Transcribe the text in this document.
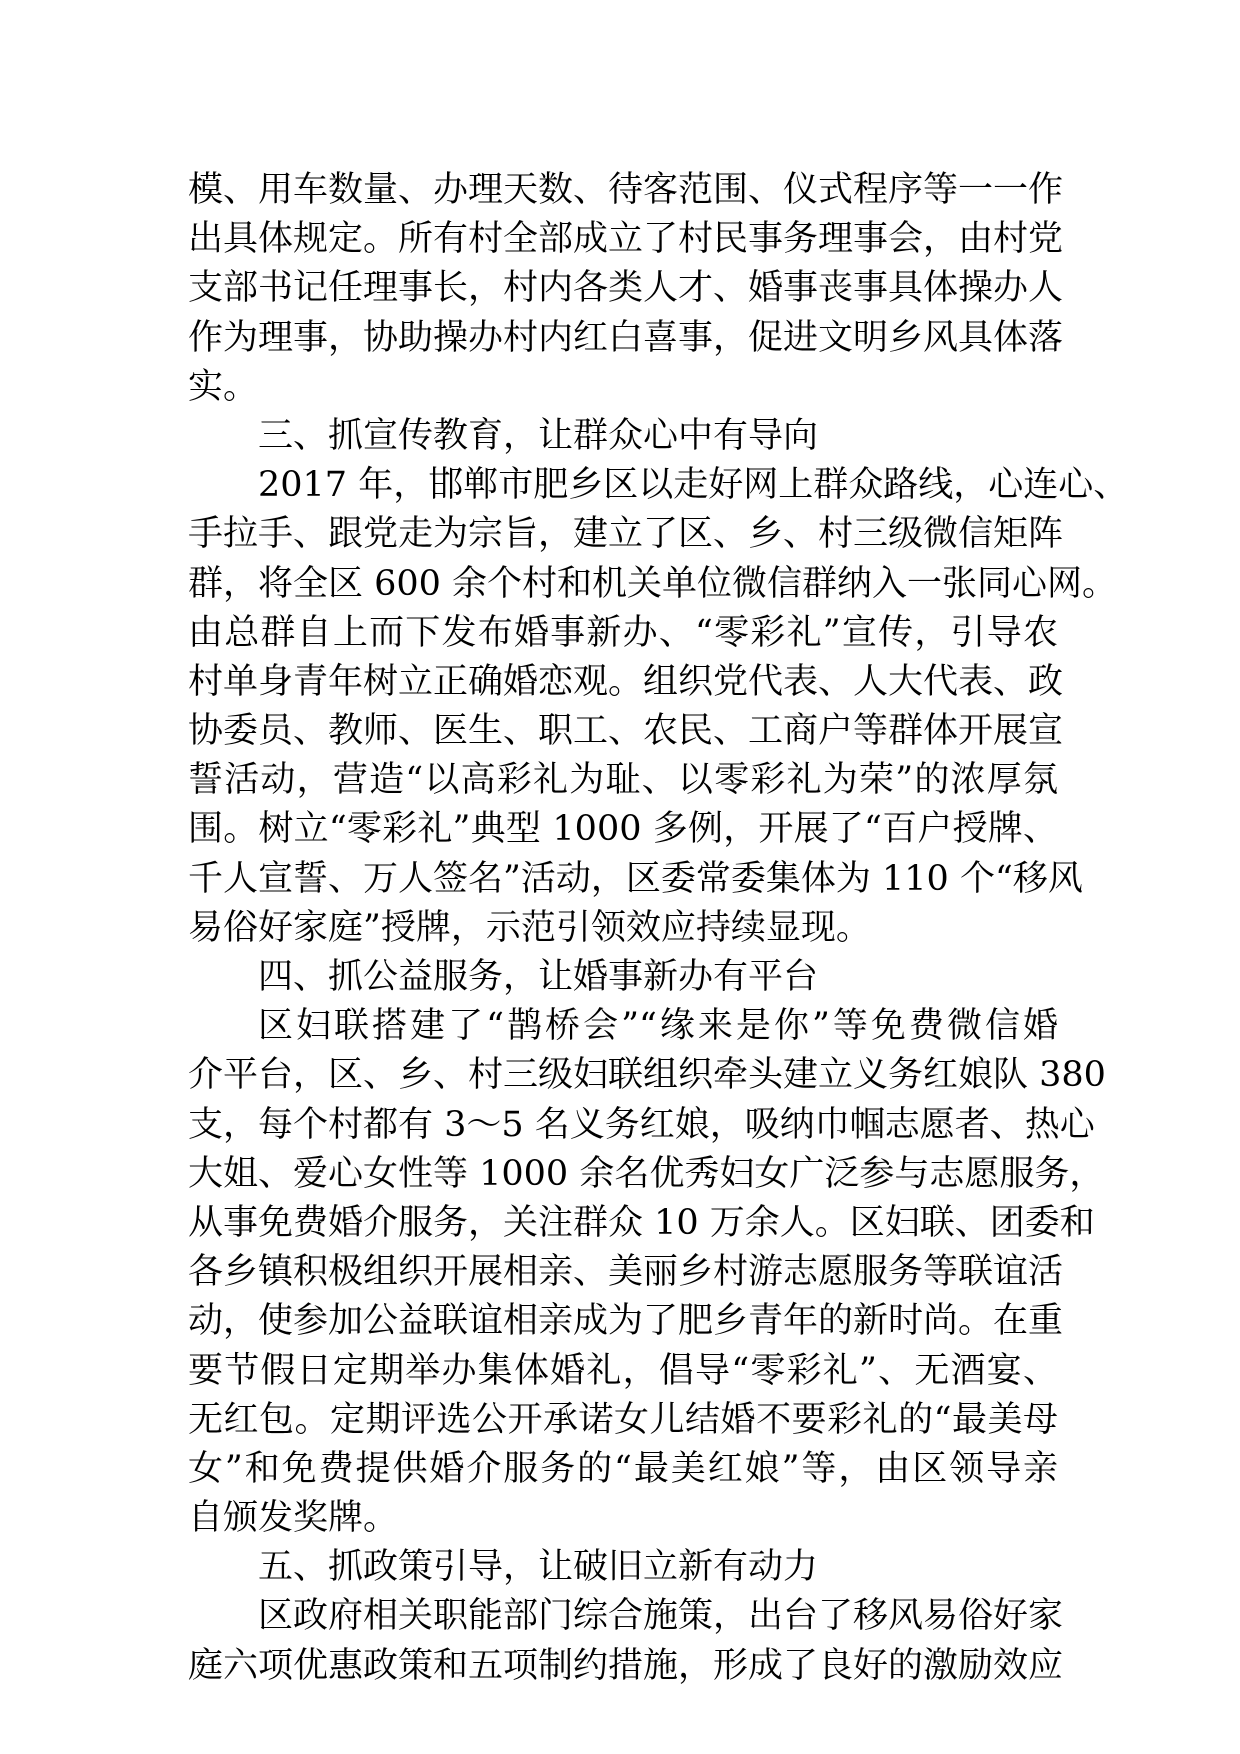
模、用车数量、办理天数、待客范围、仪式程序等一一作
出具体规定。所有村全部成立了村民事务理事会，由村党
支部书记任理事长，村内各类人才、婚事丧事具体操办人
作为理事，协助操办村内红白喜事，促进文明乡风具体落
实。
三、抓宣传教育，让群众心中有导向
2017 年，邯郸市肥乡区以走好网上群众路线，心连心、
手拉手、跟党走为宗旨，建立了区、乡、村三级微信矩阵
群，将全区 600 余个村和机关单位微信群纳入一张同心网。
由总群自上而下发布婚事新办、“零彩礼”宣传，引导农
村单身青年树立正确婚恋观。组织党代表、人大代表、政
协委员、教师、医生、职工、农民、工商户等群体开展宣
誓活动，营造“以高彩礼为耻、以零彩礼为荣”的浓厚氛
围。树立“零彩礼”典型 1000 多例，开展了“百户授牌、
千人宣誓、万人签名”活动，区委常委集体为 110 个“移风
易俗好家庭”授牌，示范引领效应持续显现。
四、抓公益服务，让婚事新办有平台
区妇联搭建了“鹊桥会”“缘来是你”等免费微信婚
介平台，区、乡、村三级妇联组织牵头建立义务红娘队 380
支，每个村都有 3～5 名义务红娘，吸纳巾帼志愿者、热心
大姐、爱心女性等 1000 余名优秀妇女广泛参与志愿服务，
从事免费婚介服务，关注群众 10 万余人。区妇联、团委和
各乡镇积极组织开展相亲、美丽乡村游志愿服务等联谊活
动，使参加公益联谊相亲成为了肥乡青年的新时尚。在重
要节假日定期举办集体婚礼，倡导“零彩礼”、无酒宴、
无红包。定期评选公开承诺女儿结婚不要彩礼的“最美母
女”和免费提供婚介服务的“最美红娘”等，由区领导亲
自颁发奖牌。
五、抓政策引导，让破旧立新有动力
区政府相关职能部门综合施策，出台了移风易俗好家
庭六项优惠政策和五项制约措施，形成了良好的激励效应
